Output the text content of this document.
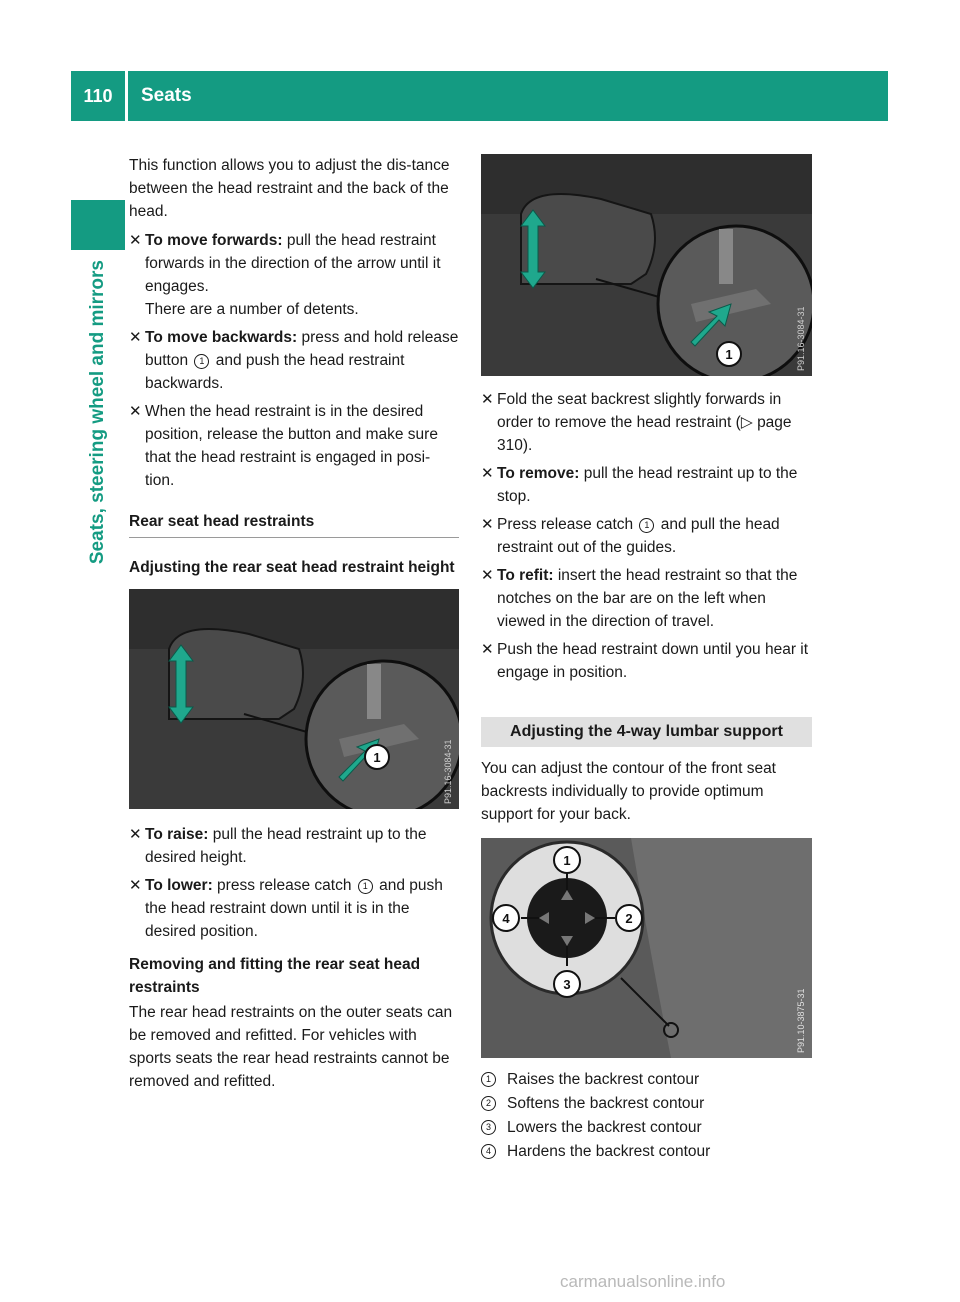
110	Seats
Seats, steering wheel and mirrors

This function allows you to adjust the dis-tance between the head restraint and the back of the head.

✕ To move forwards: pull the head restraint forwards in the direction of the arrow until it engages.
There are a number of detents.
✕ To move backwards: press and hold release button 1 and push the head restraint backwards.
✕ When the head restraint is in the desired position, release the button and make sure that the head restraint is engaged in posi-tion.
Rear seat head restraints
Adjusting the rear seat head restraint height
1	P91.16-3084-31
✕ To raise: pull the head restraint up to the desired height.
✕ To lower: press release catch 1 and push the head restraint down until it is in the desired position.
Removing and fitting the rear seat head restraints

The rear head restraints on the outer seats can be removed and refitted. For vehicles with sports seats the rear head restraints cannot be removed and refitted.

1	P91.16-3084-31
✕ Fold the seat backrest slightly forwards in order to remove the head restraint (▷ page 310).
✕ To remove: pull the head restraint up to the stop.
✕ Press release catch 1 and pull the head restraint out of the guides.
✕ To refit: insert the head restraint so that the notches on the bar are on the left when viewed in the direction of travel.
✕ Push the head restraint down until you hear it engage in position.
Adjusting the 4-way lumbar support

You can adjust the contour of the front seat backrests individually to provide optimum support for your back.

1
2
3
4
P91.10-3875-31
1	Raises the backrest contour
2	Softens the backrest contour
3	Lowers the backrest contour
4	Hardens the backrest contour
carmanualsonline.info
